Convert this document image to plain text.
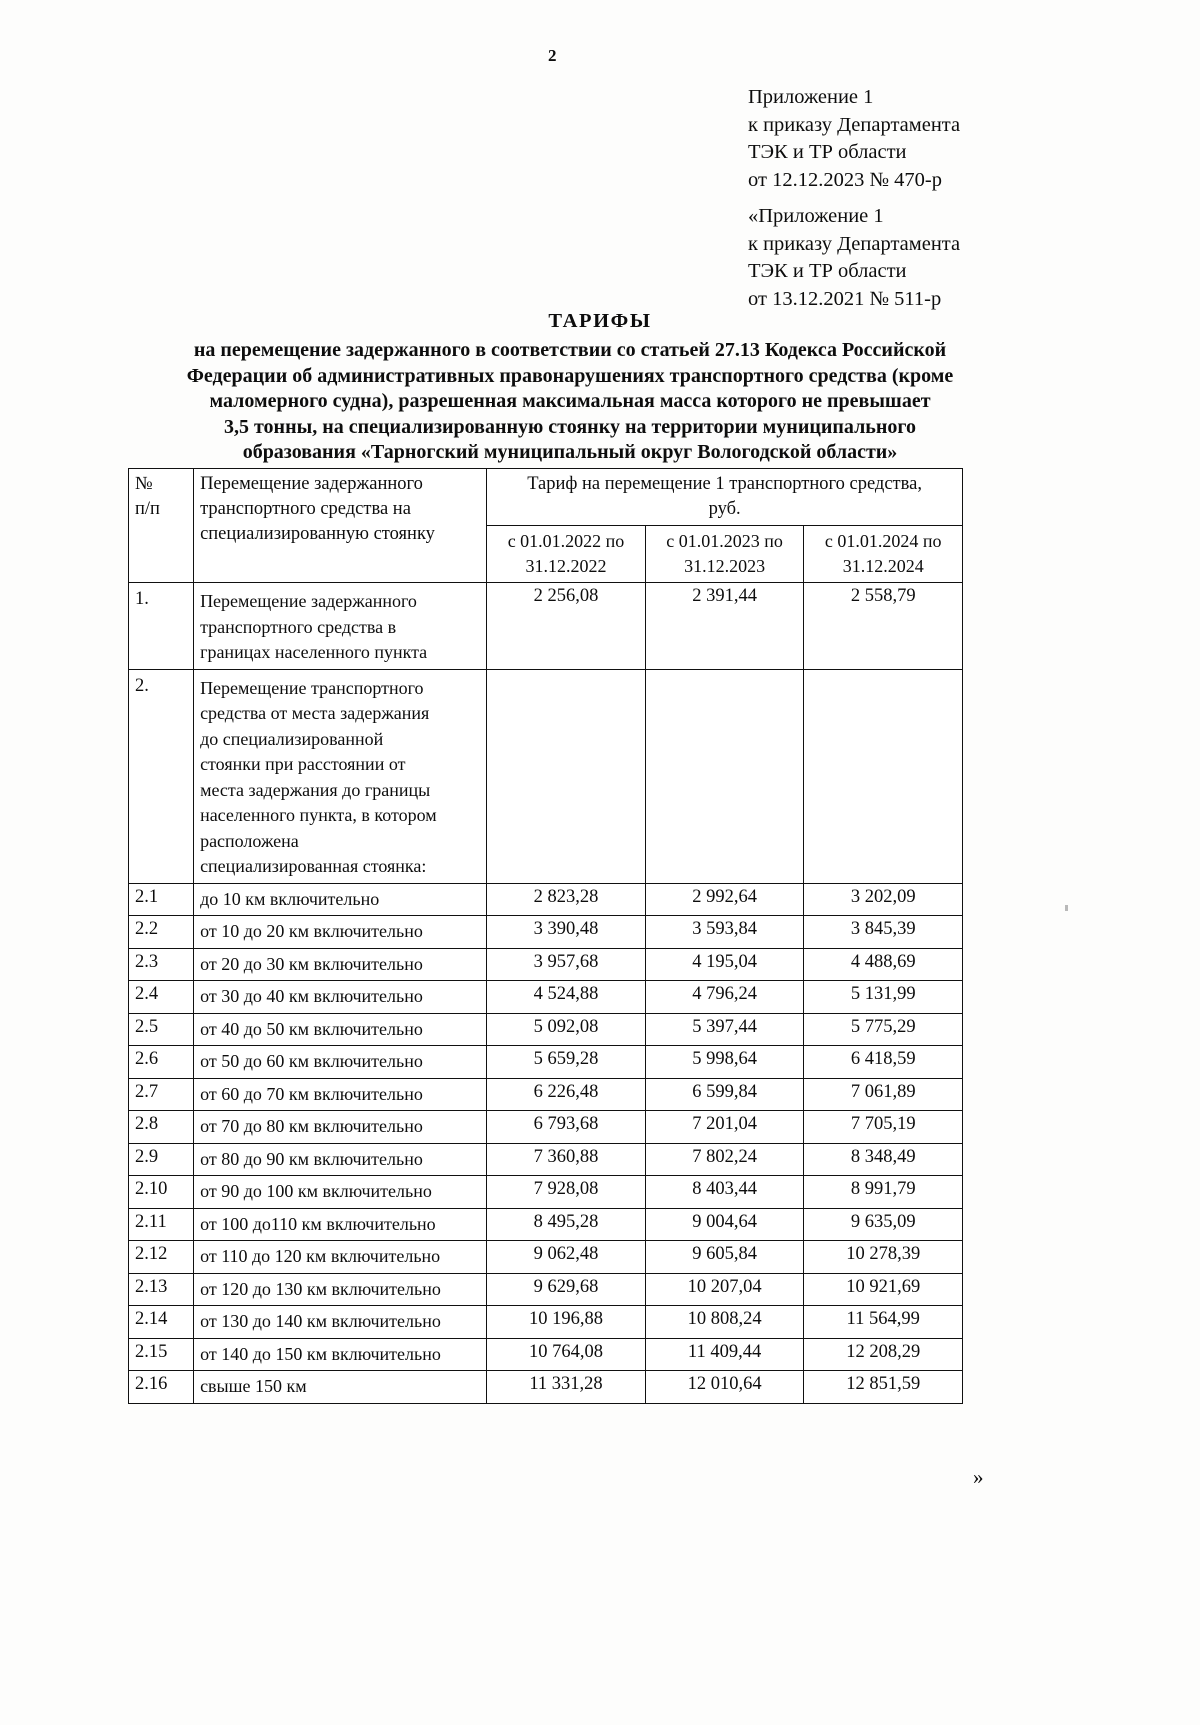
2
Приложение 1
к приказу Департамента
ТЭК и ТР области
от 12.12.2023 № 470-р
«Приложение 1
к приказу Департамента
ТЭК и ТР области
от 13.12.2021 № 511-р
ТАРИФЫ
на перемещение задержанного в соответствии со статьей 27.13 Кодекса Российской
Федерации об административных правонарушениях транспортного средства (кроме
маломерного судна), разрешенная максимальная масса которого не превышает
3,5 тонны, на специализированную стоянку на территории муниципального
образования «Тарногский муниципальный округ Вологодской области»
№
п/п	Перемещение задержанного
транспортного средства на
специализированную стоянку	Тариф на перемещение 1 транспортного средства,
руб.		

		с 01.01.2022 по
31.12.2022	с 01.01.2023 по
31.12.2023	с 01.01.2024 по
31.12.2024

1.	Перемещение задержанного
транспортного средства в
границах населенного пункта	2 256,08	2 391,44	2 558,79
2.	Перемещение транспортного
средства от места задержания
до специализированной
стоянки при расстоянии от
места задержания до границы
населенного пункта, в котором
расположена
специализированная стоянка:

2.1	до 10 км включительно	2 823,28	2 992,64	3 202,09
2.2	от 10 до 20 км включительно	3 390,48	3 593,84	3 845,39
2.3	от 20 до 30 км включительно	3 957,68	4 195,04	4 488,69
2.4	от 30 до 40 км включительно	4 524,88	4 796,24	5 131,99
2.5	от 40 до 50 км включительно	5 092,08	5 397,44	5 775,29
2.6	от 50 до 60 км включительно	5 659,28	5 998,64	6 418,59
2.7	от 60 до 70 км включительно	6 226,48	6 599,84	7 061,89
2.8	от 70 до 80 км включительно	6 793,68	7 201,04	7 705,19
2.9	от 80 до 90 км включительно	7 360,88	7 802,24	8 348,49
2.10	от 90 до 100 км включительно	7 928,08	8 403,44	8 991,79
2.11	от 100 до110 км включительно	8 495,28	9 004,64	9 635,09
2.12	от 110 до 120 км включительно	9 062,48	9 605,84	10 278,39
2.13	от 120 до 130 км включительно	9 629,68	10 207,04	10 921,69
2.14	от 130 до 140 км включительно	10 196,88	10 808,24	11 564,99
2.15	от 140 до 150 км включительно	10 764,08	11 409,44	12 208,29
2.16	свыше 150 км	11 331,28	12 010,64	12 851,59
»
